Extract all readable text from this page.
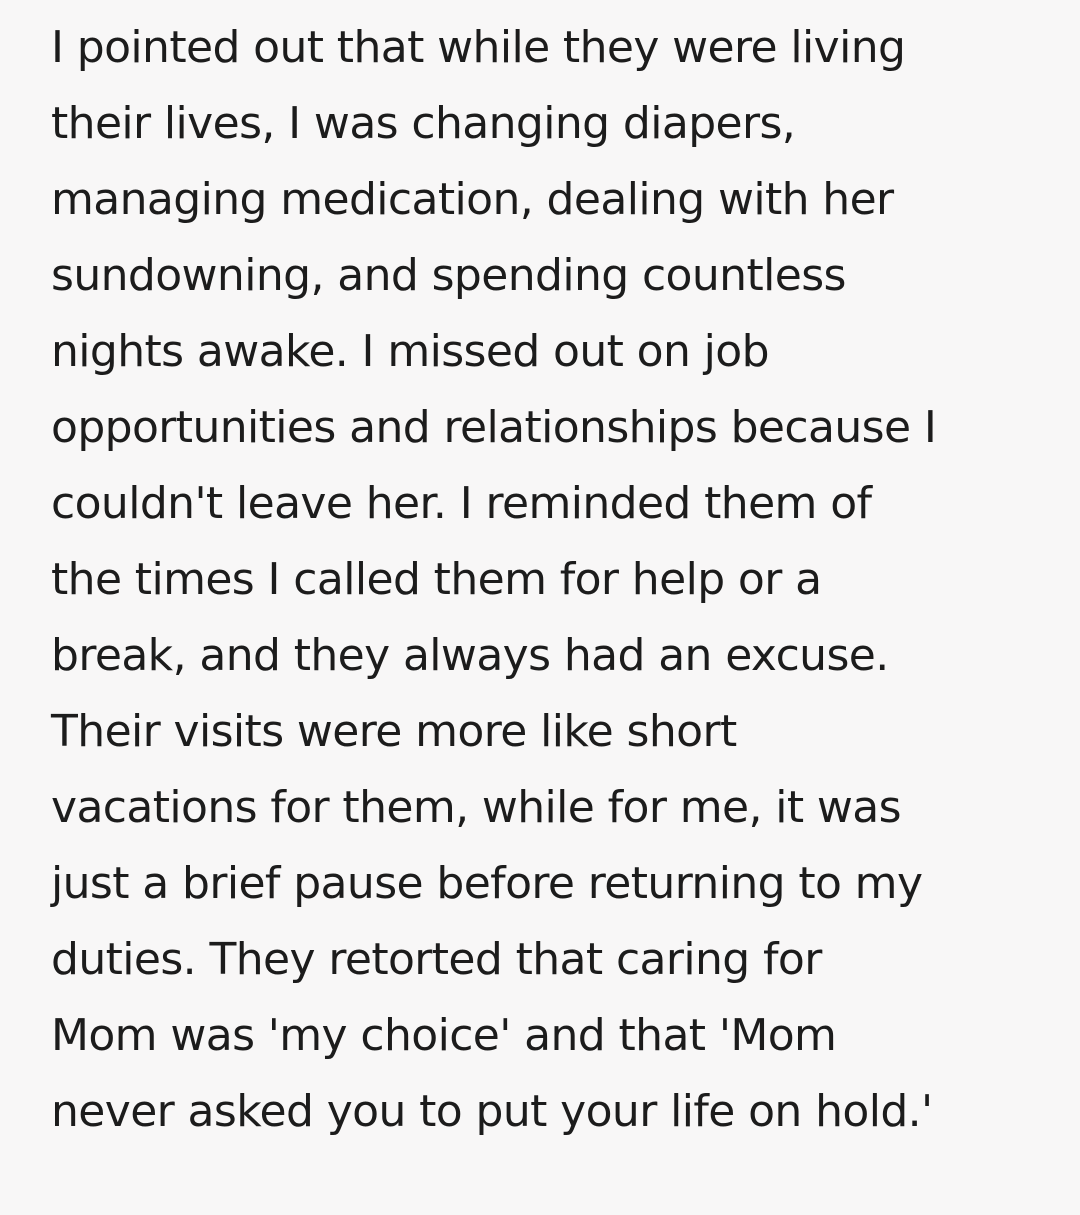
I pointed out that while they were living
their lives, I was changing diapers,
managing medication, dealing with her
sundowning, and spending countless
nights awake. I missed out on job
opportunities and relationships because I
couldn't leave her. I reminded them of
the times I called them for help or a
break, and they always had an excuse.
Their visits were more like short
vacations for them, while for me, it was
just a brief pause before returning to my
duties. They retorted that caring for
Mom was 'my choice' and that 'Mom
never asked you to put your life on hold.'
